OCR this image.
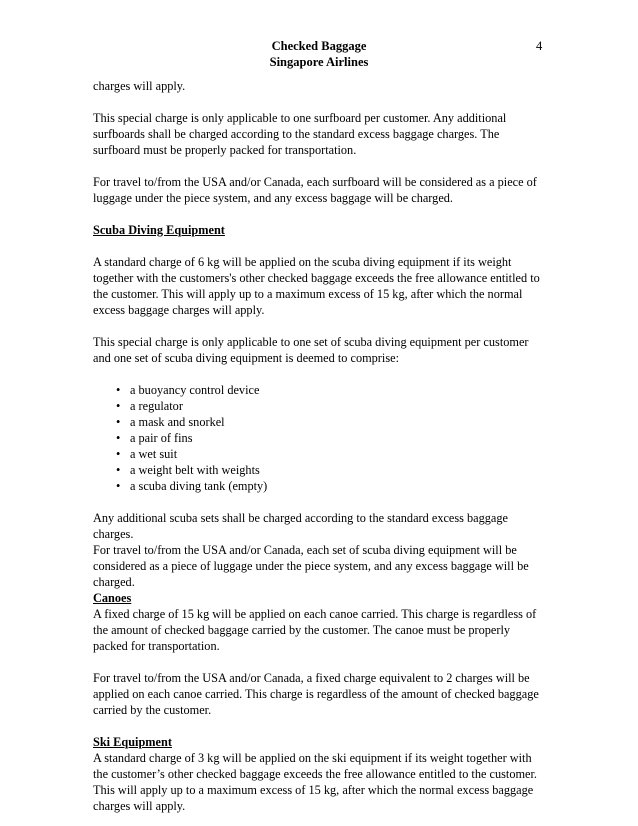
Checked Baggage
Singapore Airlines
4

charges will apply.

This special charge is only applicable to one surfboard per customer. Any additional surfboards shall be charged according to the standard excess baggage charges. The surfboard must be properly packed for transportation.

For travel to/from the USA and/or Canada, each surfboard will be considered as a piece of luggage under the piece system, and any excess baggage will be charged.

Scuba Diving Equipment

A standard charge of 6 kg will be applied on the scuba diving equipment if its weight together with the customers's other checked baggage exceeds the free allowance entitled to the customer. This will apply up to a maximum excess of 15 kg, after which the normal excess baggage charges will apply.

This special charge is only applicable to one set of scuba diving equipment per customer and one set of scuba diving equipment is deemed to comprise:

• a buoyancy control device
• a regulator
• a mask and snorkel
• a pair of fins
• a wet suit
• a weight belt with weights
• a scuba diving tank (empty)

Any additional scuba sets shall be charged according to the standard excess baggage charges.

For travel to/from the USA and/or Canada, each set of scuba diving equipment will be considered as a piece of luggage under the piece system, and any excess baggage will be charged.

Canoes

A fixed charge of 15 kg will be applied on each canoe carried. This charge is regardless of the amount of checked baggage carried by the customer. The canoe must be properly packed for transportation.

For travel to/from the USA and/or Canada, a fixed charge equivalent to 2 charges will be applied on each canoe carried. This charge is regardless of the amount of checked baggage carried by the customer.

Ski Equipment

A standard charge of 3 kg will be applied on the ski equipment if its weight together with the customer’s other checked baggage exceeds the free allowance entitled to the customer. This will apply up to a maximum excess of 15 kg, after which the normal excess baggage charges will apply.
